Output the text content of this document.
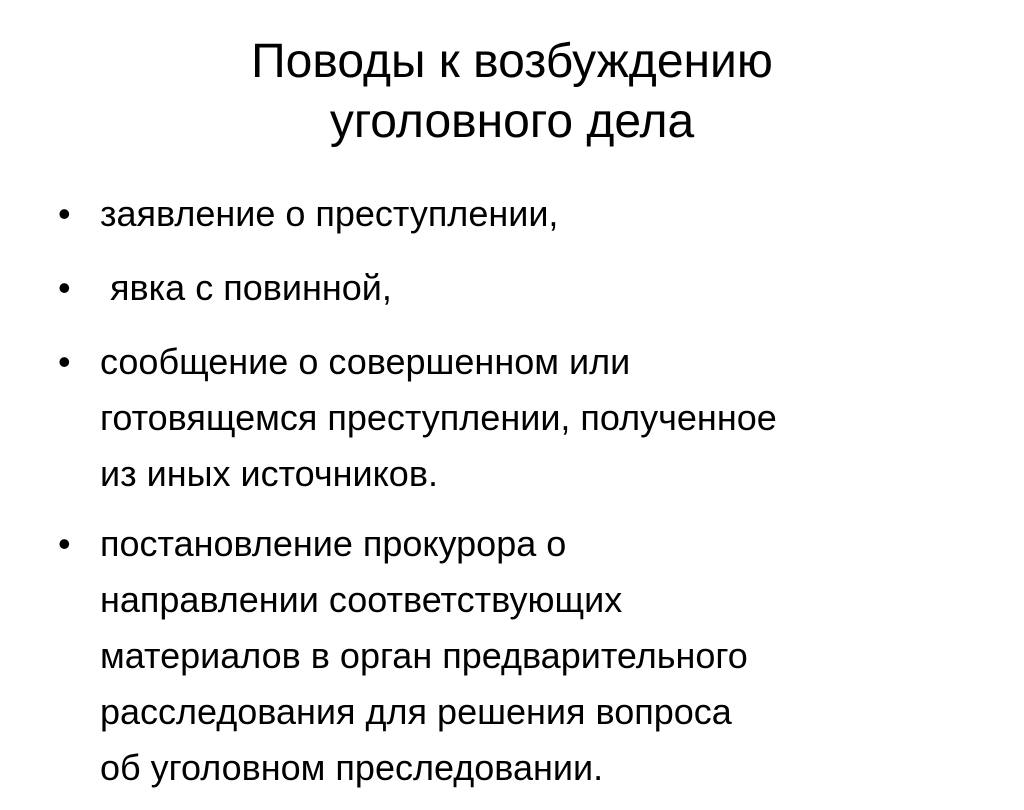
Поводы к возбуждению
уголовного дела
• заявление о преступлении,
• явка с повинной,
• сообщение о совершенном или
готовящемся преступлении, полученное
из иных источников.
• постановление прокурора о
направлении соответствующих
материалов в орган предварительного
расследования для решения вопроса
об уголовном преследовании.
